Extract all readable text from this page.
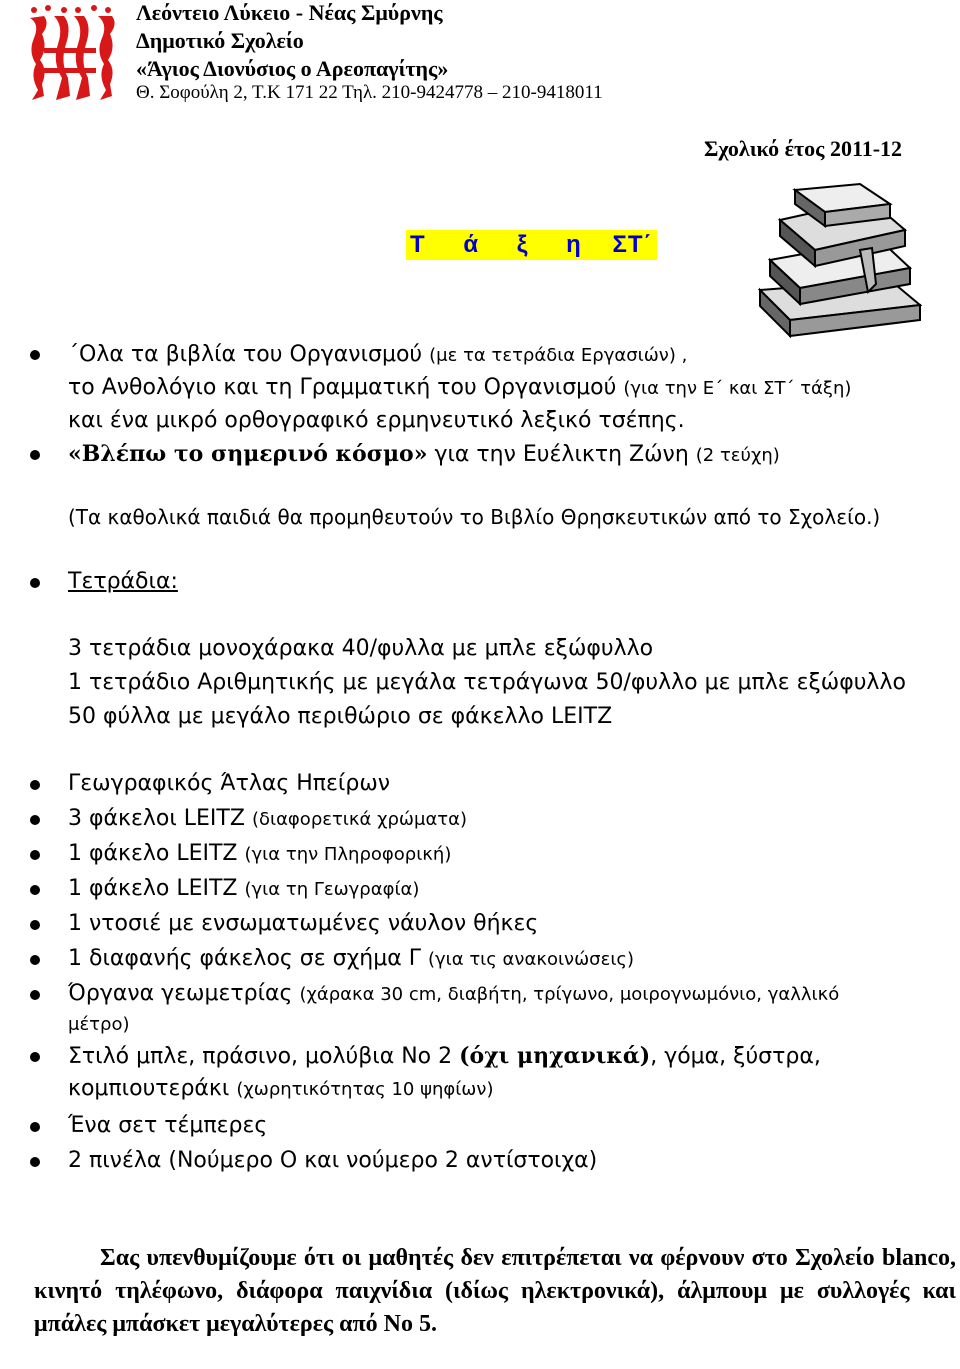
Λεόντειο Λύκειο - Νέας Σμύρνης
Δημοτικό Σχολείο
«Άγιος Διονύσιος ο Αρεοπαγίτης»
Θ. Σοφούλη 2, Τ.Κ 171 22 Τηλ. 210-9424778 – 210-9418011
Σχολικό έτος 2011-12
Τ ά ξ η ΣΤ΄
΄Ολα τα βιβλία του Οργανισμού (με τα τετράδια Εργασιών) ,
το Ανθολόγιο και τη Γραμματική του Οργανισμού (για την Ε΄ και ΣΤ΄ τάξη)
και ένα μικρό ορθογραφικό ερμηνευτικό λεξικό τσέπης.
«Βλέπω το σημερινό κόσμο» για την Ευέλικτη Ζώνη (2 τεύχη)
(Τα καθολικά παιδιά θα προμηθευτούν το Βιβλίο Θρησκευτικών από το Σχολείο.)
Τετράδια:
3 τετράδια μονοχάρακα 40/φυλλα με μπλε εξώφυλλο
1 τετράδιο Αριθμητικής με μεγάλα τετράγωνα 50/φυλλο με μπλε εξώφυλλο
50 φύλλα με μεγάλο περιθώριο σε φάκελλο LEITZ
Γεωγραφικός Άτλας Ηπείρων
3 φάκελοι LEITZ (διαφορετικά χρώματα)
1 φάκελο LEITZ (για την Πληροφορική)
1 φάκελο LEITZ (για τη Γεωγραφία)
1 ντοσιέ με ενσωματωμένες νάυλον θήκες
1 διαφανής φάκελος σε σχήμα Γ (για τις ανακοινώσεις)
Όργανα γεωμετρίας (χάρακα 30 cm, διαβήτη, τρίγωνο, μοιρογνωμόνιο, γαλλικό
μέτρο)
Στιλό μπλε, πράσινο, μολύβια Νο 2 (όχι μηχανικά), γόμα, ξύστρα,
κομπιουτεράκι (χωρητικότητας 10 ψηφίων)
Ένα σετ τέμπερες
2 πινέλα (Νούμερο Ο και νούμερο 2 αντίστοιχα)
Σας υπενθυμίζουμε ότι οι μαθητές δεν επιτρέπεται να φέρνουν στο Σχολείο blanco, κινητό τηλέφωνο, διάφορα παιχνίδια (ιδίως ηλεκτρονικά), άλμπουμ με συλλογές και μπάλες μπάσκετ μεγαλύτερες από Νο 5.
